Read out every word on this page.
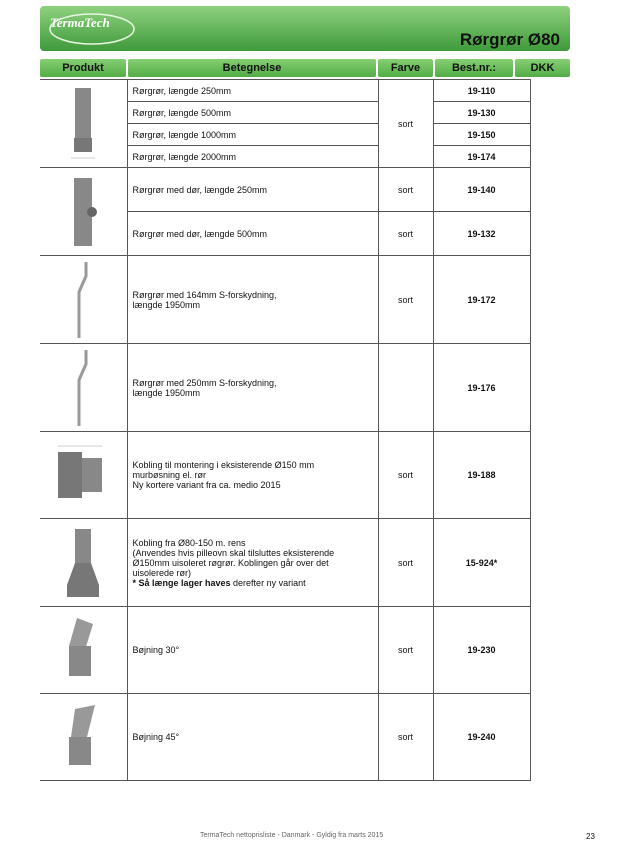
TermaTech
Rørgrør Ø80
Produkt	Betegnelse	Farve	Best.nr.:	DKK

Rørgrør, længde 250mm	sort	19-110	

	Rørgrør, længde 500mm		19-130	

	Rørgrør, længde 1000mm		19-150	

	Rørgrør, længde 2000mm		19-174	

Rørgrør med dør, længde 250mm	sort	19-140	

	Rørgrør med dør, længde 500mm	sort	19-132	

Rørgrør med 164mm S-forskydning,
længde 1950mm	sort	19-172	

Rørgrør med 250mm S-forskydning,
længde 1950mm		19-176	

Kobling til montering i eksisterende Ø150 mm
murbøsning el. rør
Ny kortere variant fra ca. medio 2015	sort	19-188	

Kobling fra Ø80-150 m. rens
(Anvendes hvis pilleovn skal tilsluttes eksisterende
Ø150mm uisoleret røgrør. Koblingen går over det
uisolerede rør)
* Så længe lager haves derefter ny variant	sort	15-924*	

Bøjning 30°	sort	19-230	

Bøjning 45°	sort	19-240	
TermaTech nettoprisliste - Danmark - Gyldig fra marts 2015	23
